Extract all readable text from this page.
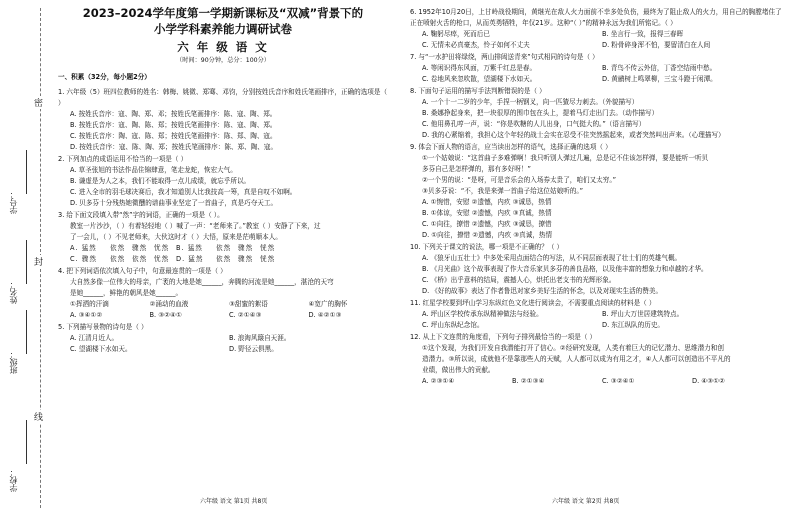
密
封
线
学号：
姓名：
班级：
学校：
2023–2024学年度第一学期新课标及“双减”背景下的
小学学科素养能力调研试卷
六 年 级 语 文
（时间：90分钟，总分：100分）
一、积累（32分，每小题2分）
1. 六年级（5）班四位教师的姓名：韩梅、姚微、郑骞、邓钧，分别按姓氏音序和姓氏笔画排序，正确的选项是（ ）
A. 按姓氏音序：寇、陶、郑、邓；按姓氏笔画排序：陈、寇、陶、郑。
B. 按姓氏音序：寇、陶、陈、郑；按姓氏笔画排序：陈、寇、陶、郑。
C. 按姓氏音序：陶、寇、陈、郑；按姓氏笔画排序：陈、郑、陶、寇。
D. 按姓氏音序：寇、陈、陶、郑；按姓氏笔画排序：陈、郑、陶、寇。
2. 下列加点的成语运用不恰当的一项是（ ）
A. 草圣张旭的书法作品住锦肆意，笔走龙蛇，恢宏大气。
B. 谦虚是为人之本，我们不能取得一点儿成绩，就忘乎所以。
C. 进入全市的羽毛球决赛后，我才知道别人比我技高一筹，真是自叹不如啊。
D. 贝多芬十分残热她微醺的谱曲事业坚定了一首曲子，真是巧夺天工。
3. 给下面文段填入带“然”字的词语，正确的一项是（ ）。
教室一片沙沙，（ ）有着轻轻地（ ）喊了一声：“老师来了。”教室（ ）安静了下来，过
了一会儿，（ ）不见老师来，大伙这时才（ ）大悟，原来是茫萌顺本人。
A. 猛然	依然	骤然	忧然	B. 猛然	依然	骤然	恍然
C. 骤然	依然	依然	忧然	D. 猛然	依然	骤然	恍然
4. 把下列词语依次填入句子中，句意最连贯的一项是（ ）
大自然多像一位伟大的母亲，广袤的大地是她______，奔腾的河流是她______，湛沧的天穹
是她______，鲜艳的朝风是她______。
①挥洒的汗滴	②涌动的血液	③甜蜜的絮语	④宽广的胸怀
A. ③④①②	B. ③②④①	C. ②①④③	D. ④②①③
5. 下列描写景物的诗句是（ ）
A. 江清月近人。	B. 浪淘风簸自天涯。
C. 望湖楼下水如天。	D. 野径云俱黑。
六年级 语文 第1页 共8页
6. 1952年10月20日，上甘岭战役期间，黄继光在敌人火力面前不幸多处负伤，最终为了阻止敌人的火力，用自己的胸膛堵住了正在喷射火舌的枪口，从而英勇牺牲，年仅21岁。这种“（ ）”的精神永远为我们所铭记。（ ）
A. 鞠躬尽瘁，死而后已	B. 坐言行一致，报得三春晖
C. 无情未必真豪杰，怜子如何不丈夫	D. 粉骨碎身浑不怕，要留清白在人间
7. 与“一水护田将绿绕，两山排闼送青来”句式相同的诗句是（ ）
A. 等闲识得东风面，万紫千红总是春。	B. 青鸟不传云外信，丁香空结雨中愁。
C. 卷地风来忽吹散，望湖楼下水如天。	D. 黄鹂树上鸣翠柳，三宝斗蹬于闲潭。
8. 下面句子运用的描写手法判断错误的是（ ）
A. 一个十一二岁的少年，手捏一柄钢叉，向一匹猹尽力刺去。（外貌描写）
B. 桑娜挣起身来，把一块很厚的围巾包在头上，提着马灯走出门去。（动作描写）
C. 他用鼻孔哼一声，说：“你是吹糖的人儿出身，口气挺大的。”（语言描写）
D. 我的心紧缩着，我担心这个年轻的战士会实在忍受不住突然摇起来，或者突然叫出声来。（心理描写）
9. 体会下面人物的语言，应当读出怎样的语气，选择正确的选项（ ）
①一个姑娘说：“这首曲子多难弹啊！我只听别人弹过几遍，总是记不住该怎样弹，要是能听一听贝
多芬自己是怎样弹的，那有多好呀！”
②一个男的说：“是呀，可是音乐会的入场券太贵了，咱们又太穷。”
③贝多芬说：“不，我是来弹一首曲子给这位姑娘听的。”
A. ①惋惜，安慰 ②遗憾，内疚 ③诚恳，热情
B. ①体谅，安慰 ②遗憾，内疚 ③真诚，热情
C. ①向往，撩惜 ②遗憾，内疚 ③诚恳，撩惜
D. ①向往，撩惜 ②遗憾，内疚 ③真诚，热情
10. 下列关于课文的说法，哪一项是不正确的？（ ）
A. 《狼牙山五壮士》中多处采用点面结合的写法，从不同层面表现了壮士们的英雄气概。
B. 《月光曲》这个故事表现了作大音乐家贝多芬的善良品格，以及他丰富的想象力和卓越的才华。
C. 《桥》出乎意料的结局，震撼人心，烘托出老支书的光辉形象。
D. 《好的故事》表达了作者鲁迅对家乡美好生活的怀念，以及对现实生活的赞美。
11. 红星学校要到坪山学习东纵红色文化进行阅读会，不需要重点阅读的材料是（ ）
A. 坪山区学校传承东纵精神做法与经验。	B. 坪山大万世居建筑特点。
C. 坪山东纵纪念馆。	D. 东江纵队的历史。
12. 从上下文连贯的角度看，下列句子排列最恰当的一项是（ ）
①这个发现，为我们开发自我潜能打开了信心。②经研究发现，人类有着巨大的记忆潜力、思维潜力和创
造潜力。③所以说，成就他不是靠那些人的天赋，人人都可以成为有用之才，④人人都可以创造出不平凡的
业绩，做出伟大的贡献。
A. ②③①④	B. ②①③④	C. ③②④①	D. ④③①②
六年级 语文 第2页 共8页
